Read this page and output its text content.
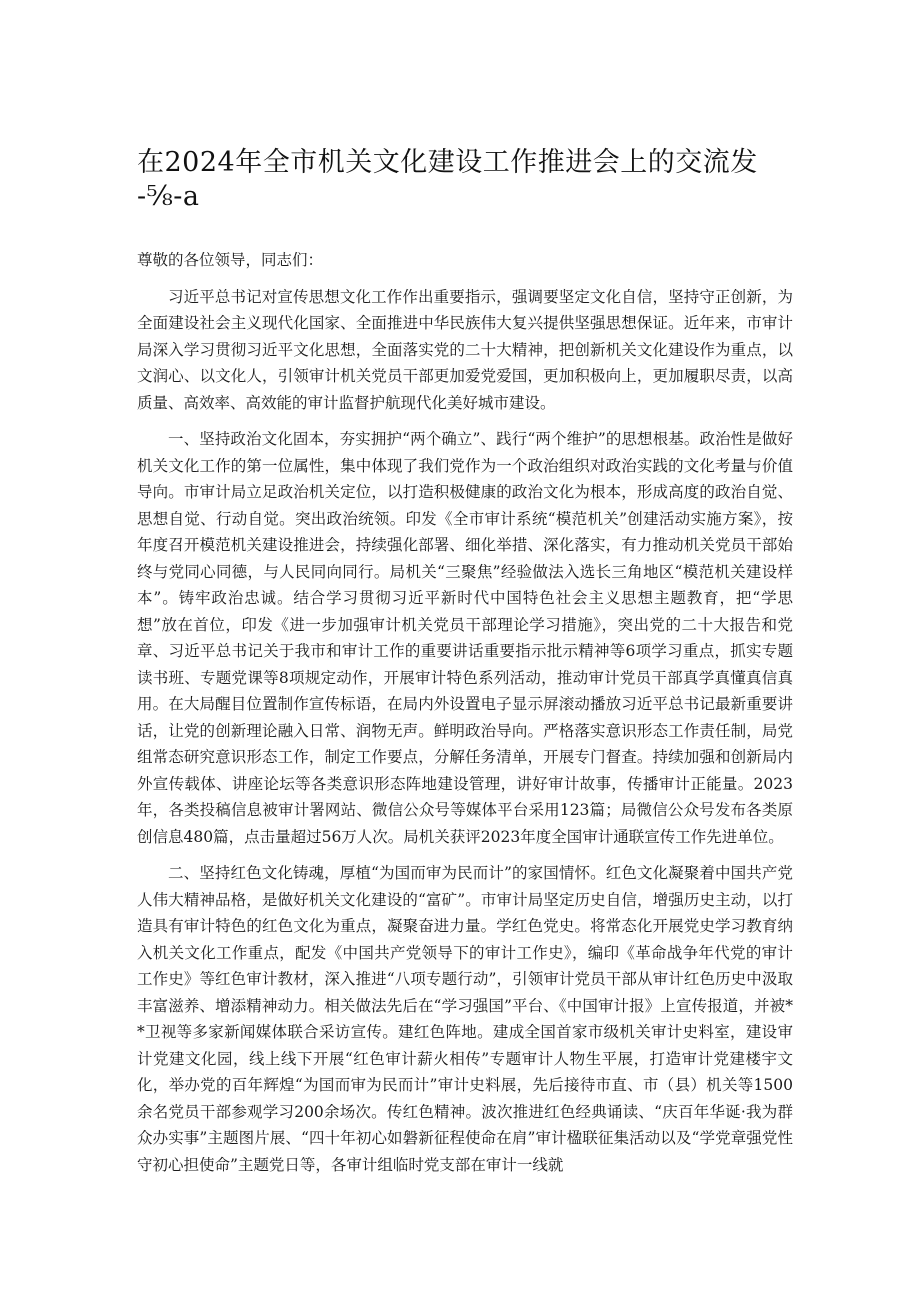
在2024年全市机关文化建设工作推进会上的交流发
-⅝-a

尊敬的各位领导，同志们：

习近平总书记对宣传思想文化工作作出重要指示，强调要坚定文化自信，坚持守正创新，为全面建设社会主义现代化国家、全面推进中华民族伟大复兴提供坚强思想保证。近年来，市审计局深入学习贯彻习近平文化思想，全面落实党的二十大精神，把创新机关文化建设作为重点，以文润心、以文化人，引领审计机关党员干部更加爱党爱国，更加积极向上，更加履职尽责，以高质量、高效率、高效能的审计监督护航现代化美好城市建设。

一、坚持政治文化固本，夯实拥护“两个确立”、践行“两个维护”的思想根基。政治性是做好机关文化工作的第一位属性，集中体现了我们党作为一个政治组织对政治实践的文化考量与价值导向。市审计局立足政治机关定位，以打造积极健康的政治文化为根本，形成高度的政治自觉、思想自觉、行动自觉。突出政治统领。印发《全市审计系统“模范机关”创建活动实施方案》，按年度召开模范机关建设推进会，持续强化部署、细化举措、深化落实，有力推动机关党员干部始终与党同心同德，与人民同向同行。局机关“三聚焦”经验做法入选长三角地区“模范机关建设样本”。铸牢政治忠诚。结合学习贯彻习近平新时代中国特色社会主义思想主题教育，把“学思想”放在首位，印发《进一步加强审计机关党员干部理论学习措施》，突出党的二十大报告和党章、习近平总书记关于我市和审计工作的重要讲话重要指示批示精神等6项学习重点，抓实专题读书班、专题党课等8项规定动作，开展审计特色系列活动，推动审计党员干部真学真懂真信真用。在大局醒目位置制作宣传标语，在局内外设置电子显示屏滚动播放习近平总书记最新重要讲话，让党的创新理论融入日常、润物无声。鲜明政治导向。严格落实意识形态工作责任制，局党组常态研究意识形态工作，制定工作要点，分解任务清单，开展专门督查。持续加强和创新局内外宣传载体、讲座论坛等各类意识形态阵地建设管理，讲好审计故事，传播审计正能量。2023年，各类投稿信息被审计署网站、微信公众号等媒体平台采用123篇；局微信公众号发布各类原创信息480篇，点击量超过56万人次。局机关获评2023年度全国审计通联宣传工作先进单位。

二、坚持红色文化铸魂，厚植“为国而审为民而计”的家国情怀。红色文化凝聚着中国共产党人伟大精神品格，是做好机关文化建设的“富矿”。市审计局坚定历史自信，增强历史主动，以打造具有审计特色的红色文化为重点，凝聚奋进力量。学红色党史。将常态化开展党史学习教育纳入机关文化工作重点，配发《中国共产党领导下的审计工作史》，编印《革命战争年代党的审计工作史》等红色审计教材，深入推进“八项专题行动”，引领审计党员干部从审计红色历史中汲取丰富滋养、增添精神动力。相关做法先后在“学习强国”平台、《中国审计报》上宣传报道，并被**卫视等多家新闻媒体联合采访宣传。建红色阵地。建成全国首家市级机关审计史料室，建设审计党建文化园，线上线下开展“红色审计薪火相传”专题审计人物生平展，打造审计党建楼宇文化，举办党的百年辉煌“为国而审为民而计”审计史料展，先后接待市直、市（县）机关等1500余名党员干部参观学习200余场次。传红色精神。波次推进红色经典诵读、“庆百年华诞·我为群众办实事”主题图片展、“四十年初心如磐新征程使命在肩”审计楹联征集活动以及“学党章强党性守初心担使命”主题党日等，各审计组临时党支部在审计一线就
